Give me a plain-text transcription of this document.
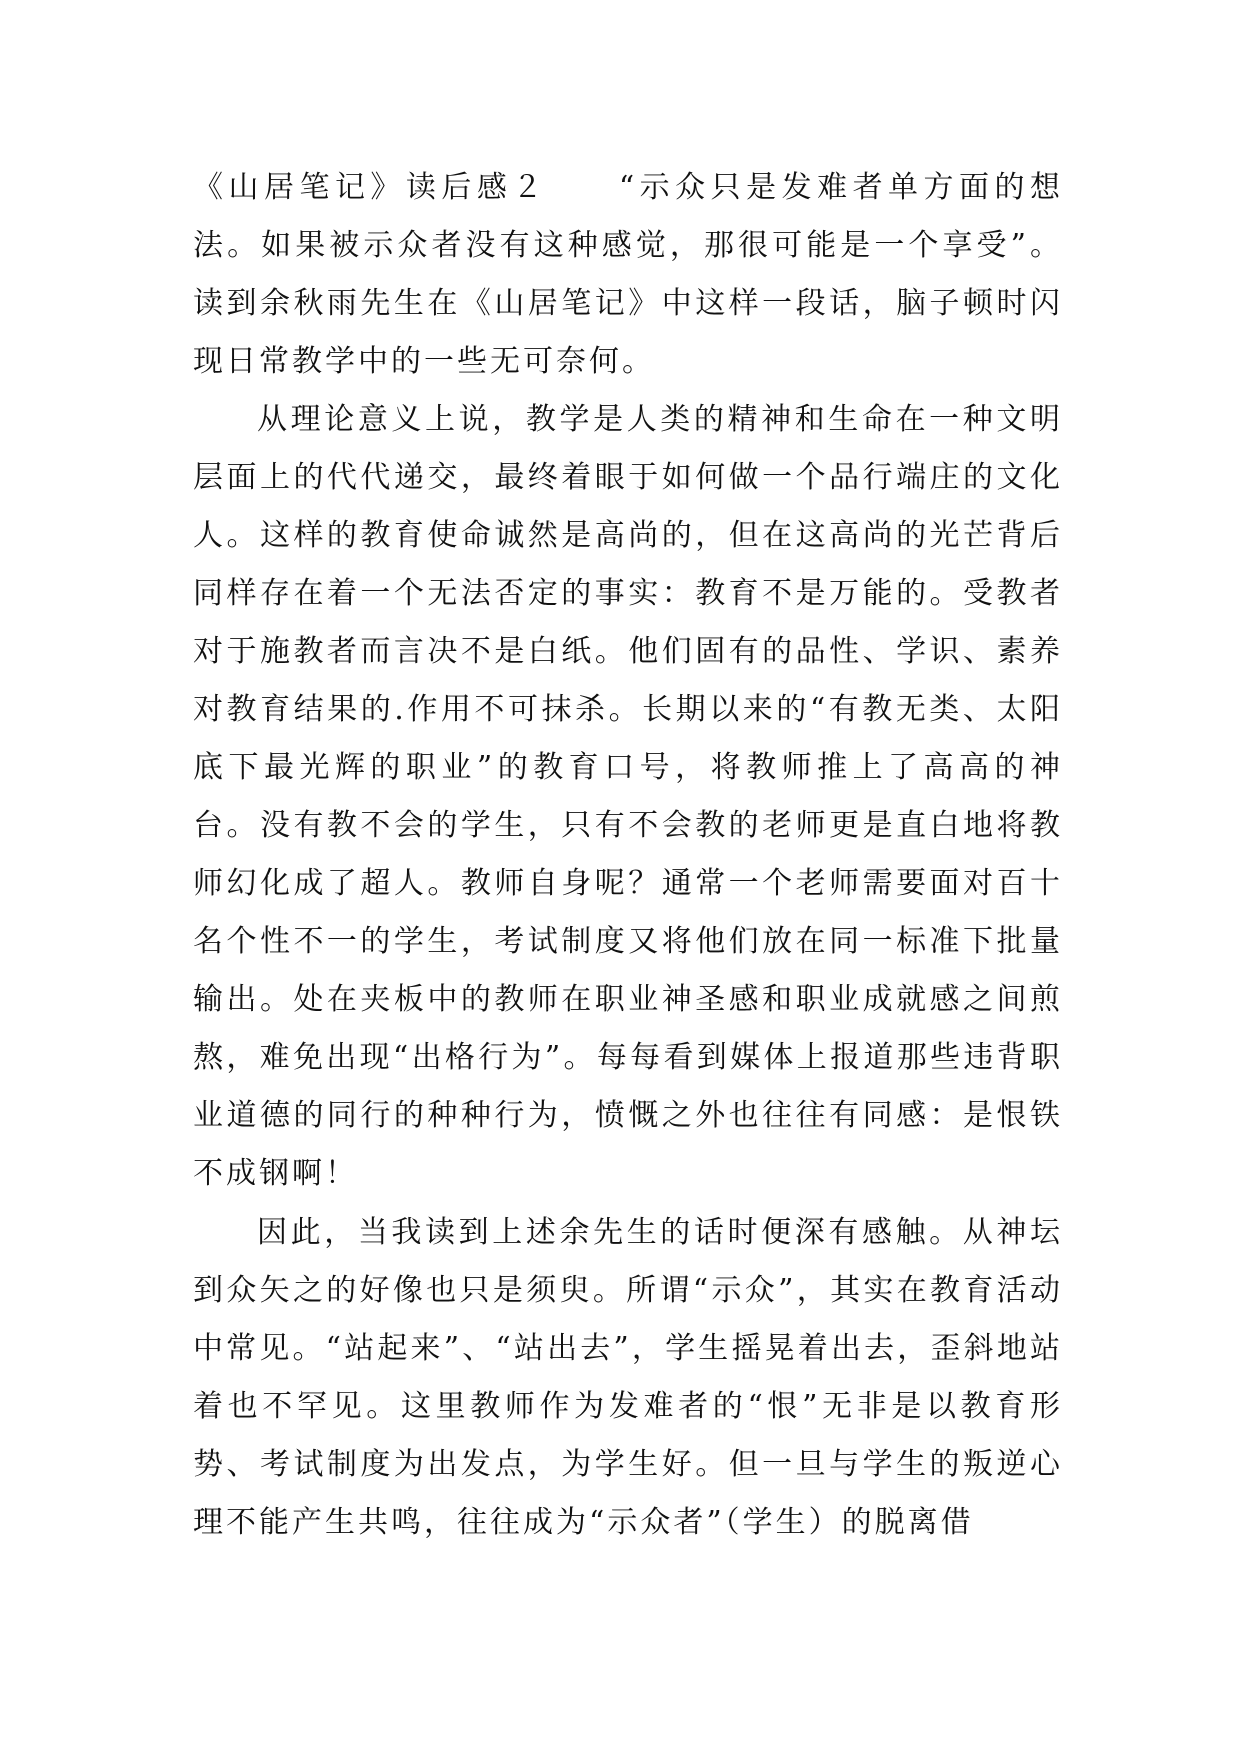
《山居笔记》读后感２　　“示众只是发难者单方面的想法。如果被示众者没有这种感觉，那很可能是一个享受”。读到余秋雨先生在《山居笔记》中这样一段话，脑子顿时闪现日常教学中的一些无可奈何。

从理论意义上说，教学是人类的精神和生命在一种文明层面上的代代递交，最终着眼于如何做一个品行端庄的文化人。这样的教育使命诚然是高尚的，但在这高尚的光芒背后同样存在着一个无法否定的事实：教育不是万能的。受教者对于施教者而言决不是白纸。他们固有的品性、学识、素养对教育结果的.作用不可抹杀。长期以来的“有教无类、太阳底下最光辉的职业”的教育口号，将教师推上了高高的神台。没有教不会的学生，只有不会教的老师更是直白地将教师幻化成了超人。教师自身呢？通常一个老师需要面对百十名个性不一的学生，考试制度又将他们放在同一标准下批量输出。处在夹板中的教师在职业神圣感和职业成就感之间煎熬，难免出现“出格行为”。每每看到媒体上报道那些违背职业道德的同行的种种行为，愤慨之外也往往有同感：是恨铁不成钢啊！

因此，当我读到上述余先生的话时便深有感触。从神坛到众矢之的好像也只是须臾。所谓“示众”，其实在教育活动中常见。“站起来”、“站出去”，学生摇晃着出去，歪斜地站着也不罕见。这里教师作为发难者的“恨”无非是以教育形势、考试制度为出发点，为学生好。但一旦与学生的叛逆心理不能产生共鸣，往往成为“示众者”（学生）的脱离借
